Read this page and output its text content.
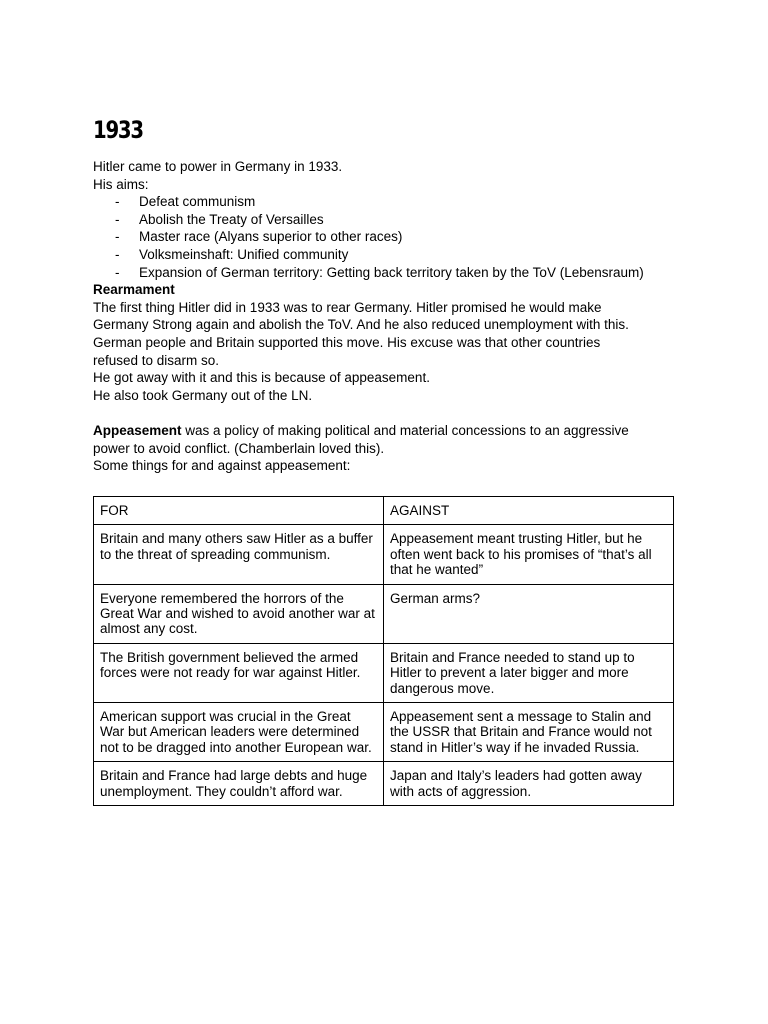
1933
Hitler came to power in Germany in 1933.
His aims:
- Defeat communism
- Abolish the Treaty of Versailles
- Master race (Alyans superior to other races)
- Volksmeinshaft: Unified community
- Expansion of German territory: Getting back territory taken by the ToV (Lebensraum)
Rearmament
The first thing Hitler did in 1933 was to rear Germany. Hitler promised he would make
Germany Strong again and abolish the ToV. And he also reduced unemployment with this.
German people and Britain supported this move. His excuse was that other countries
refused to disarm so.
He got away with it and this is because of appeasement.
He also took Germany out of the LN.
Appeasement was a policy of making political and material concessions to an aggressive
power to avoid conflict. (Chamberlain loved this).
Some things for and against appeasement:
FOR	AGAINST
Britain and many others saw Hitler as a buffer to the threat of spreading communism.	Appeasement meant trusting Hitler, but he often went back to his promises of “that’s all that he wanted”
Everyone remembered the horrors of the Great War and wished to avoid another war at almost any cost.	German arms?
The British government believed the armed forces were not ready for war against Hitler.	Britain and France needed to stand up to Hitler to prevent a later bigger and more dangerous move.
American support was crucial in the Great War but American leaders were determined not to be dragged into another European war.	Appeasement sent a message to Stalin and the USSR that Britain and France would not stand in Hitler’s way if he invaded Russia.
Britain and France had large debts and huge unemployment. They couldn’t afford war.	Japan and Italy’s leaders had gotten away with acts of aggression.
